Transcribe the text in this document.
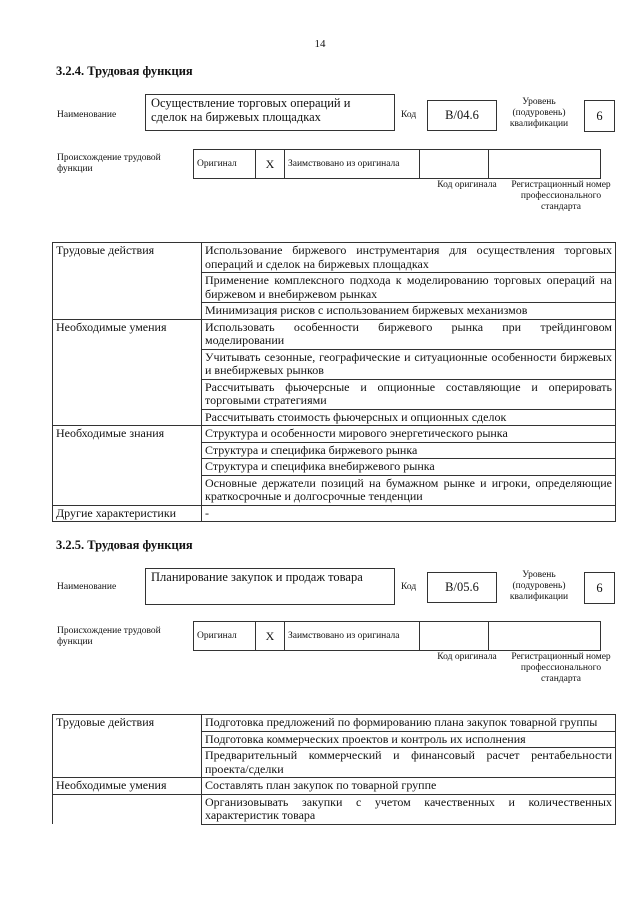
14
3.2.4. Трудовая функция
Наименование
Осуществление торговых операций и сделок на биржевых площадках	Код	B/04.6
Уровень (подуровень) квалификации
6
Происхождение трудовой функции
Оригинал	X	Заимствовано из оригинала		
Код оригинала	Регистрационный номер профессионального стандарта
Трудовые действия	Использование биржевого инструментария для осуществления торговых операций и сделок на биржевых площадках
	Применение комплексного подхода к моделированию торговых операций на биржевом и внебиржевом рынках
	Минимизация рисков с использованием биржевых механизмов
Необходимые умения	Использовать особенности биржевого рынка при трейдинговом моделировании
	Учитывать сезонные, географические и ситуационные особенности биржевых и внебиржевых рынков
	Рассчитывать фьючерсные и опционные составляющие и оперировать торговыми стратегиями
	Рассчитывать стоимость фьючерсных и опционных сделок
Необходимые знания	Структура и особенности мирового энергетического рынка
	Структура и специфика биржевого рынка
	Структура и специфика внебиржевого рынка
	Основные держатели позиций на бумажном рынке и игроки, определяющие краткосрочные и долгосрочные тенденции
Другие характеристики	-
3.2.5. Трудовая функция
Наименование
Планирование закупок и продаж товара
Код	B/05.6
Уровень (подуровень) квалификации
6
Происхождение трудовой функции
Оригинал	X	Заимствовано из оригинала		
Код оригинала	Регистрационный номер профессионального стандарта
Трудовые действия	Подготовка предложений по формированию плана закупок товарной группы
	Подготовка коммерческих проектов и контроль их исполнения
	Предварительный коммерческий и финансовый расчет рентабельности проекта/сделки
Необходимые умения	Составлять план закупок по товарной группе
	Организовывать закупки с учетом качественных и количественных характеристик товара
